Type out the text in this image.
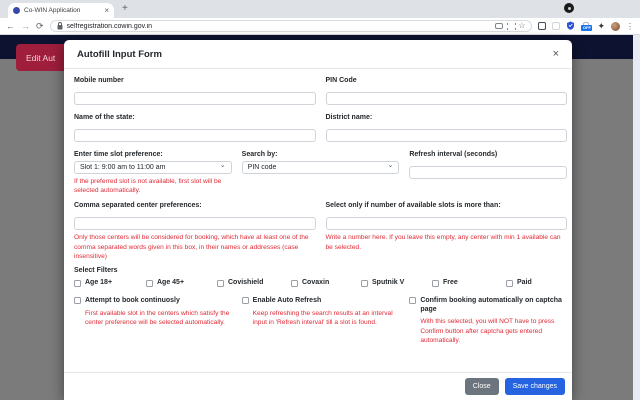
Co-WIN Application	× +
← → ⟳	selfregistration.cowin.gov.in	☆	OFF ✦	⋮
Edit Aut	Autofill Input Form	×
Mobile number	PIN Code
Name of the state:	District name:
Enter time slot preference:
Slot 1: 9:00 am to 11:00 am	⌄
If the preferred slot is not available, first slot will be selected automatically.
Search by:
PIN code	⌄
Refresh interval (seconds)
Comma separated center preferences:
Only those centers will be considered for booking, which have at least one of the comma separated words given in this box, in their names or addresses (case insensitive)
Select only if number of available slots is more than:
Write a number here. If you leave this empty, any center with min 1 available can be selected.
Select Filters
Age 18+	Age 45+	Covishield	Covaxin	Sputnik V	Free	Paid
Attempt to book continuosly
First available slot in the centers which satisfy the center preference will be selected automatically.
Enable Auto Refresh
Keep refreshing the search results at an interval input in 'Refresh interval' till a slot is found.
Confirm booking automatically on captcha page
With this selected, you will NOT have to press Confirm button after captcha gets entered automatically.
Close	Save changes
